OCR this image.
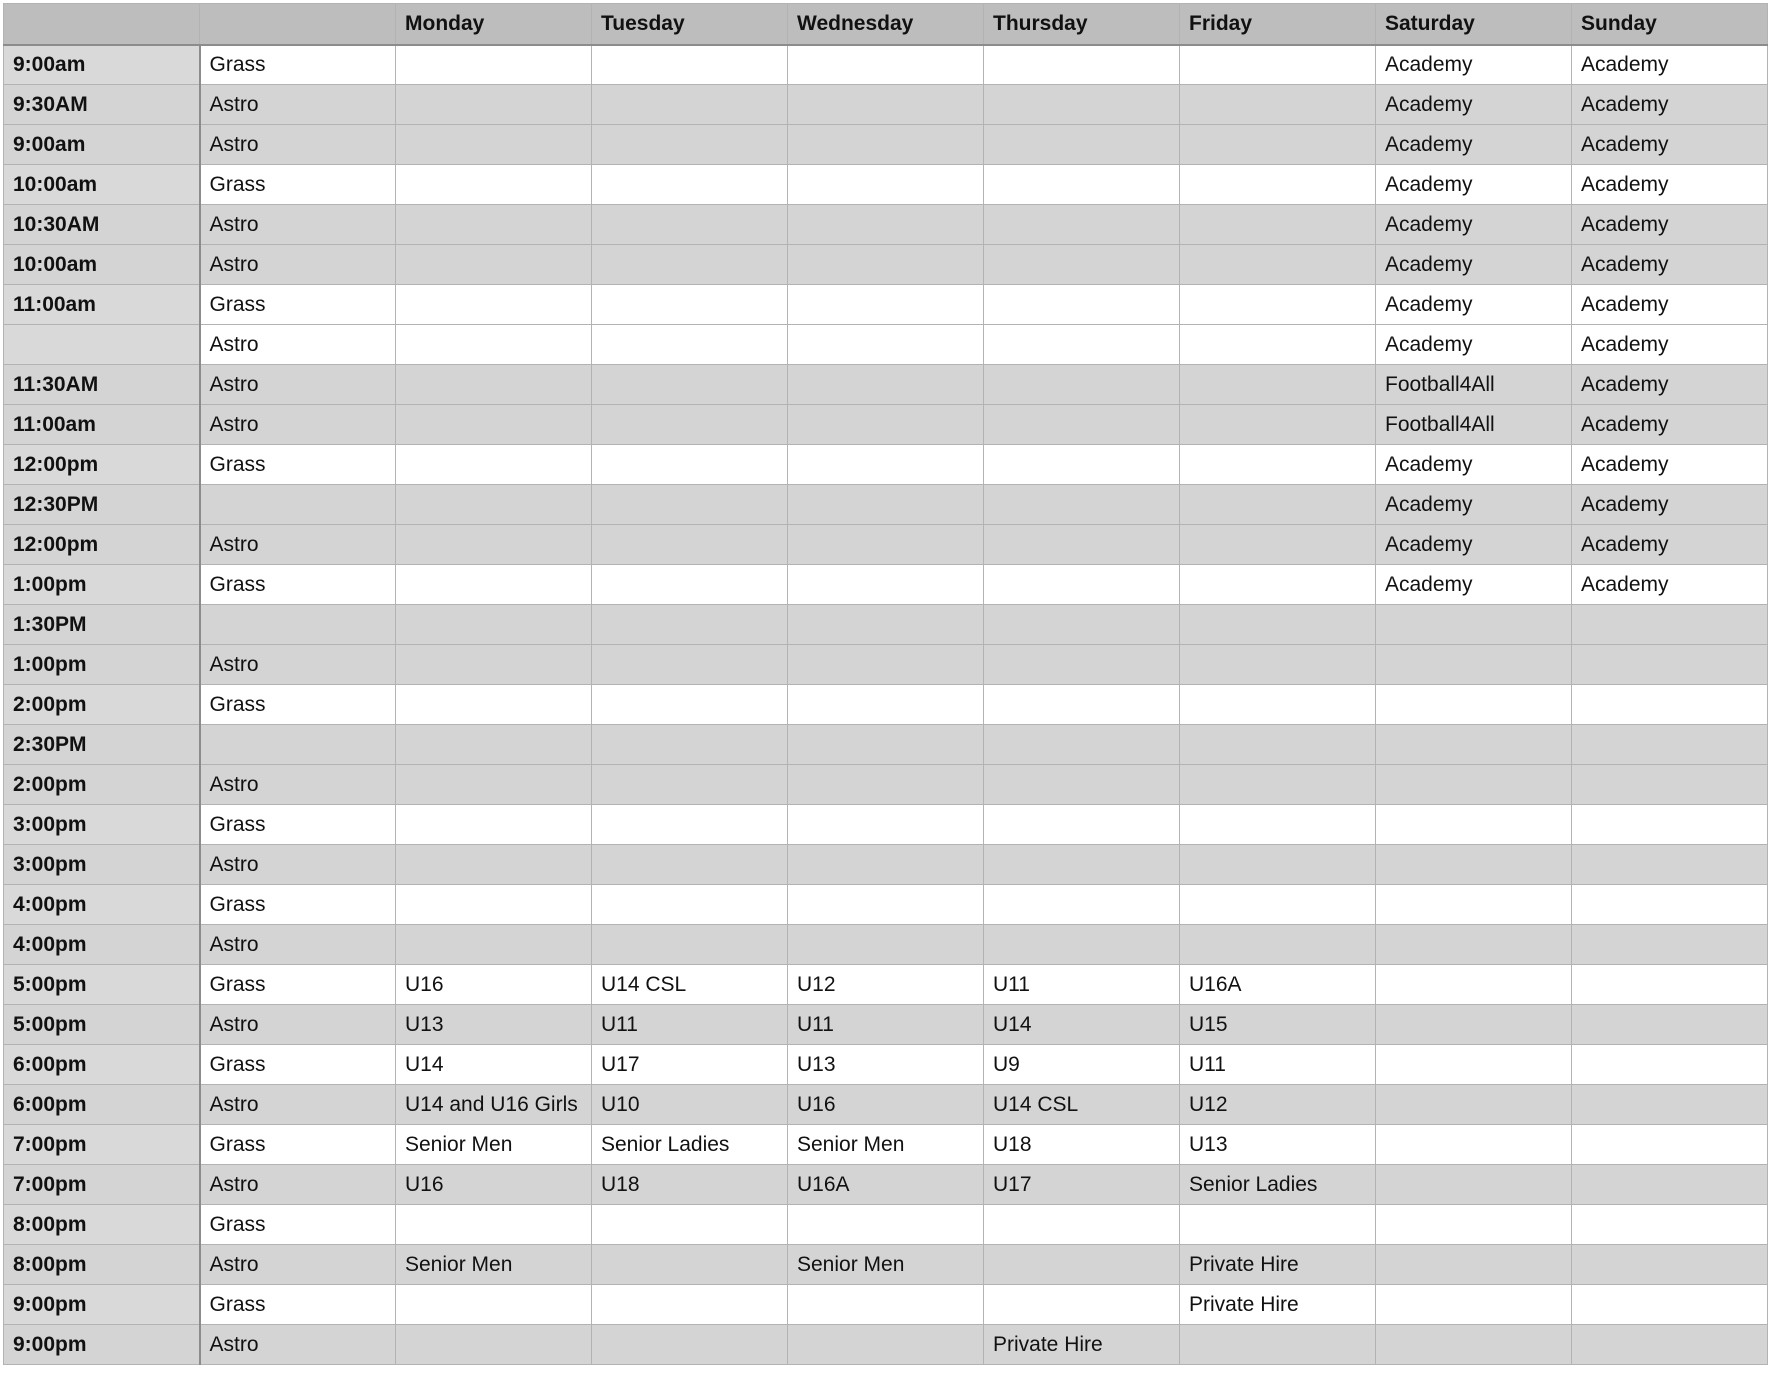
		Monday	Tuesday	Wednesday	Thursday	Friday	Saturday	Sunday
9:00am	Grass						Academy	Academy
9:30AM	Astro						Academy	Academy
9:00am	Astro						Academy	Academy
10:00am	Grass						Academy	Academy
10:30AM	Astro						Academy	Academy
10:00am	Astro						Academy	Academy
11:00am	Grass						Academy	Academy
	Astro						Academy	Academy
11:30AM	Astro						Football4All	Academy
11:00am	Astro						Football4All	Academy
12:00pm	Grass						Academy	Academy
12:30PM							Academy	Academy
12:00pm	Astro						Academy	Academy
1:00pm	Grass						Academy	Academy
1:30PM								
1:00pm	Astro							
2:00pm	Grass							
2:30PM								
2:00pm	Astro							
3:00pm	Grass							
3:00pm	Astro							
4:00pm	Grass							
4:00pm	Astro							
5:00pm	Grass	U16	U14 CSL	U12	U11	U16A		
5:00pm	Astro	U13	U11	U11	U14	U15		
6:00pm	Grass	U14	U17	U13	U9	U11		
6:00pm	Astro	U14 and U16 Girls	U10	U16	U14 CSL	U12		
7:00pm	Grass	Senior Men	Senior Ladies	Senior Men	U18	U13		
7:00pm	Astro	U16	U18	U16A	U17	Senior Ladies		
8:00pm	Grass							
8:00pm	Astro	Senior Men		Senior Men		Private Hire		
9:00pm	Grass					Private Hire		
9:00pm	Astro				Private Hire			
